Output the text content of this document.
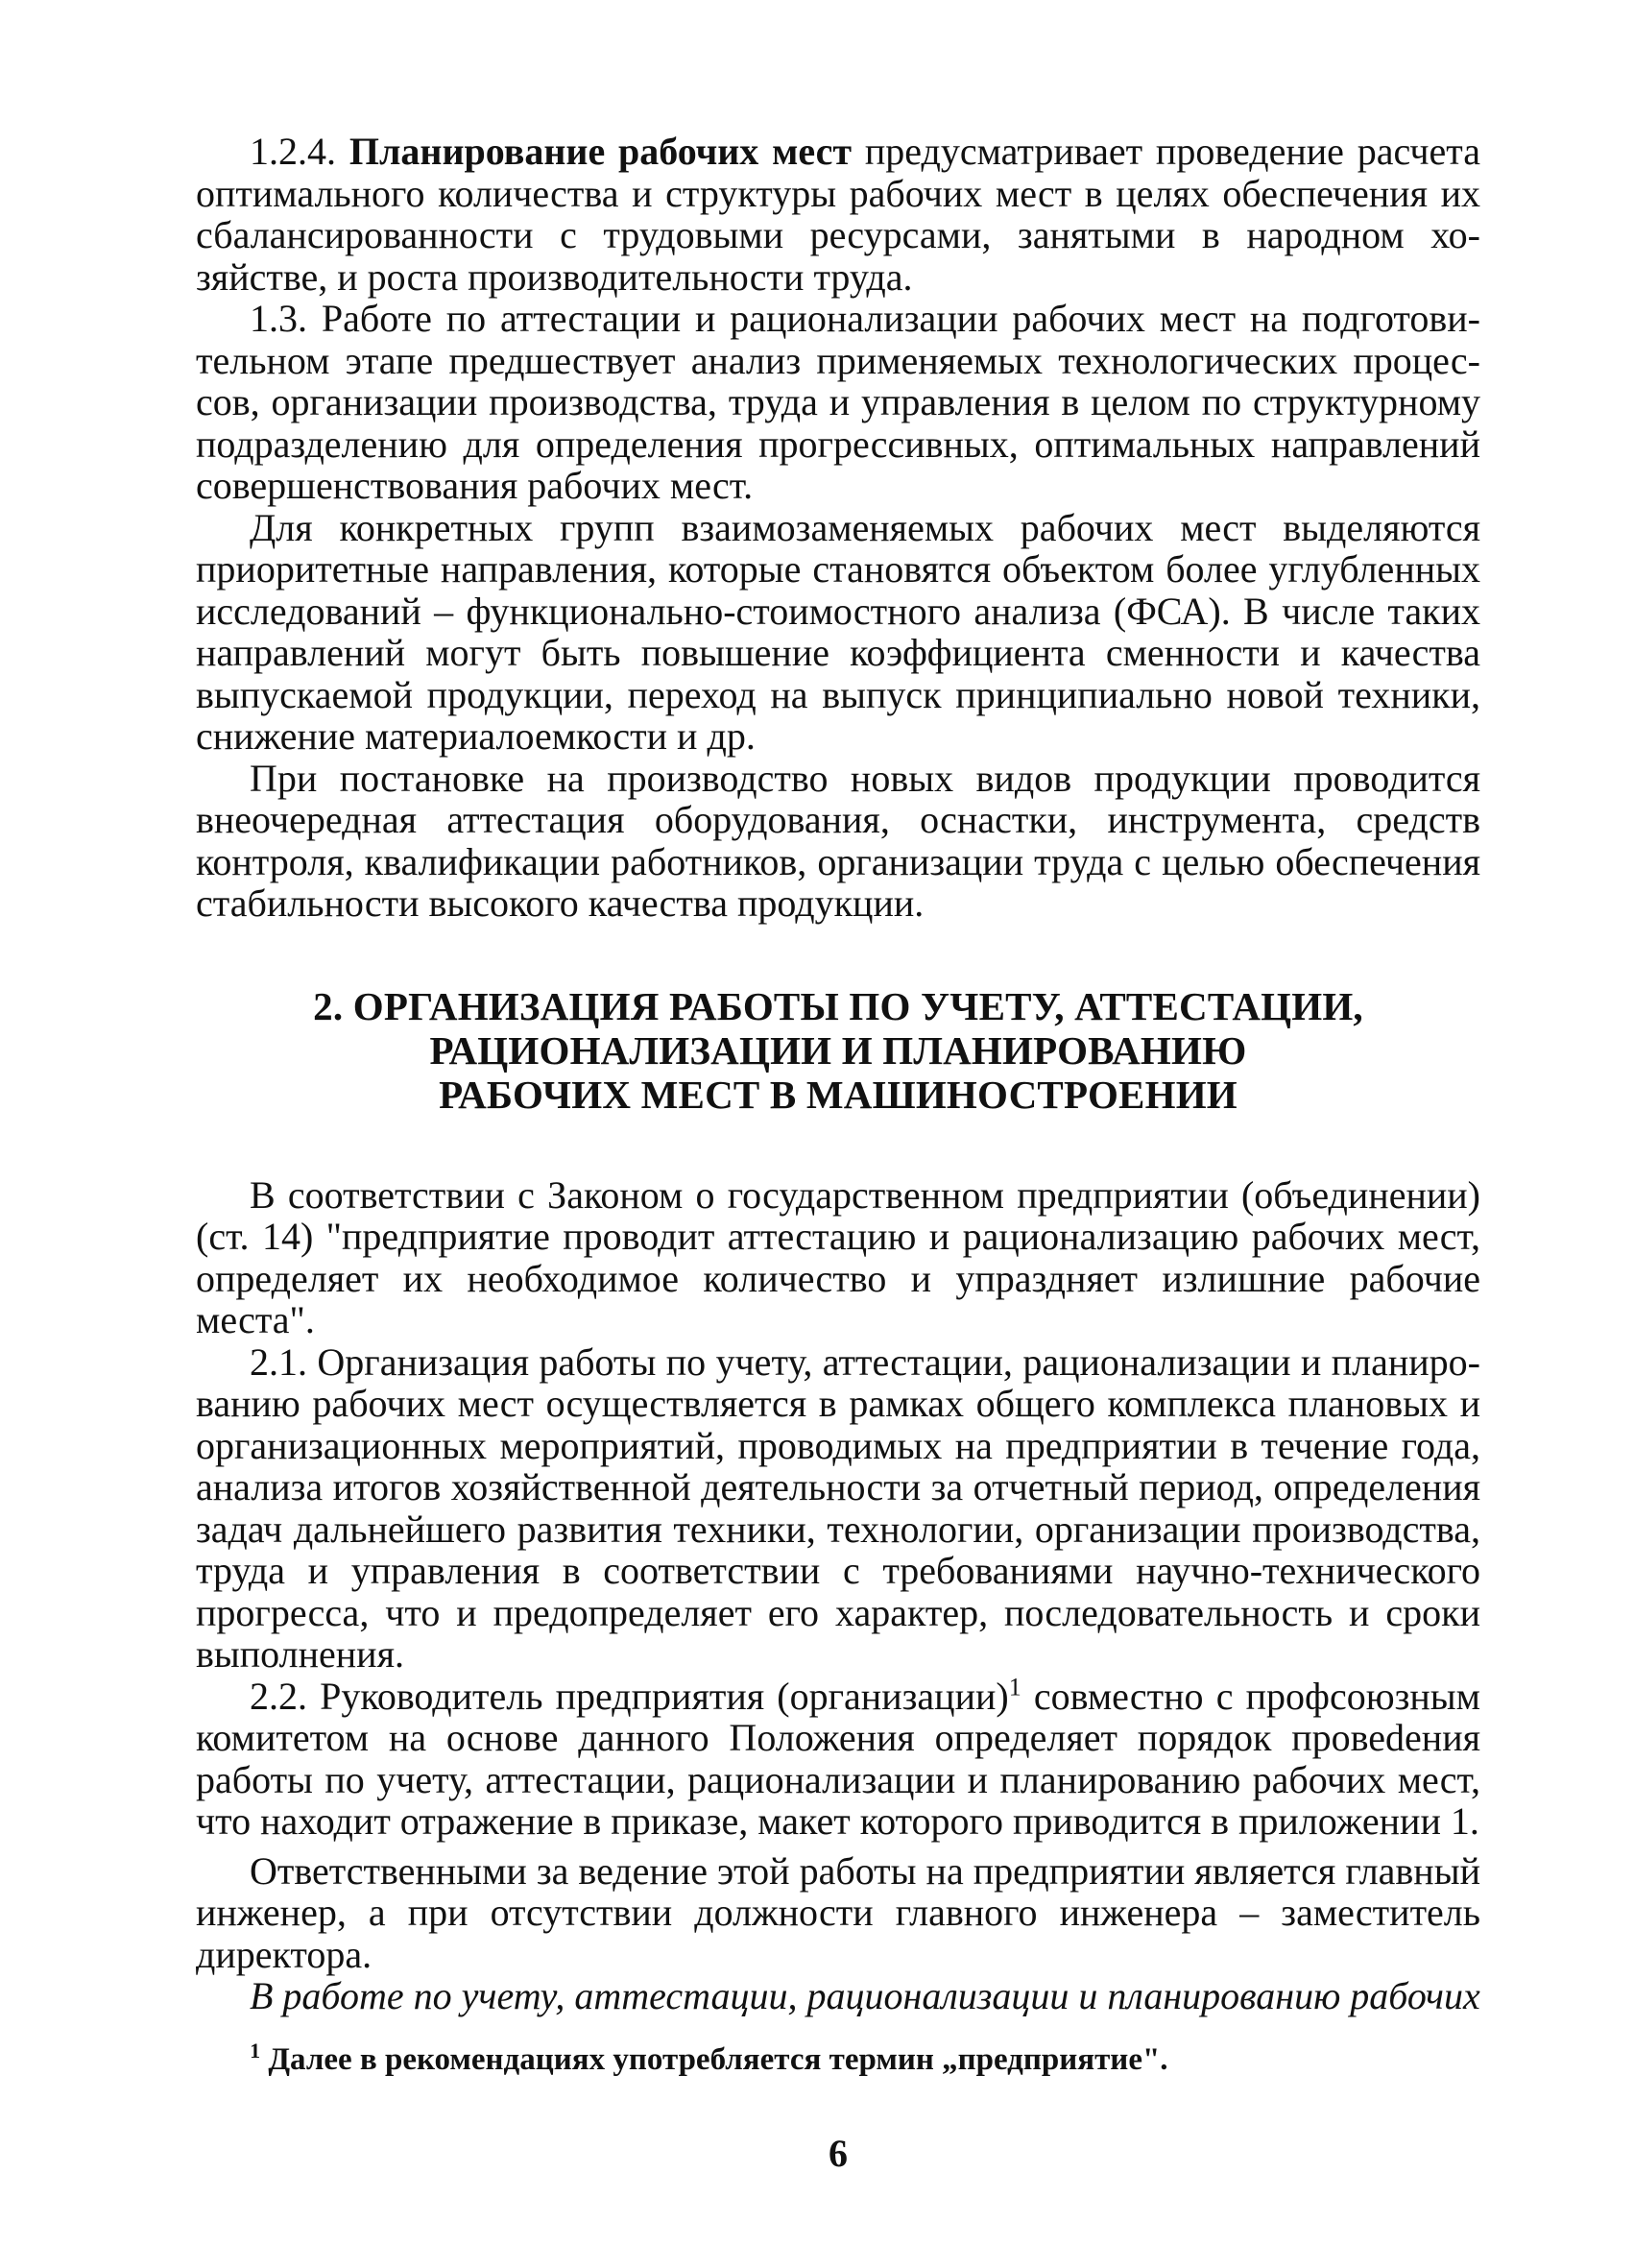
1.2.4. Планирование рабочих мест предусматривает проведение расчета оптимального количества и структуры рабочих мест в целях обеспечения их сбалансированности с трудовыми ресурсами, занятыми в народном хозяйстве, и роста производительности труда.

1.3. Работе по аттестации и рационализации рабочих мест на подготовительном этапе предшествует анализ применяемых технологических процессов, организации производства, труда и управления в целом по структурному подразделению для определения прогрессивных, оптимальных направлений совершенствования рабочих мест.

Для конкретных групп взаимозаменяемых рабочих мест выделяются приоритетные направления, которые становятся объектом более углубленных исследований – функционально-стоимостного анализа (ФСА). В числе таких направлений могут быть повышение коэффициента сменности и качества выпускаемой продукции, переход на выпуск принципиально новой техники, снижение материалоемкости и др.

При постановке на производство новых видов продукции проводится внеочередная аттестация оборудования, оснастки, инструмента, средств контроля, квалификации работников, организации труда с целью обеспечения стабильности высокого качества продукции.

2. ОРГАНИЗАЦИЯ РАБОТЫ ПО УЧЕТУ, АТТЕСТАЦИИ,
РАЦИОНАЛИЗАЦИИ И ПЛАНИРОВАНИЮ
РАБОЧИХ МЕСТ В МАШИНОСТРОЕНИИ

В соответствии с Законом о государственном предприятии (объединении) (ст. 14) "предприятие проводит аттестацию и рационализацию рабочих мест, определяет их необходимое количество и упраздняет излишние рабочие места".

2.1. Организация работы по учету, аттестации, рационализации и планированию рабочих мест осуществляется в рамках общего комплекса плановых и организационных мероприятий, проводимых на предприятии в течение года, анализа итогов хозяйственной деятельности за отчетный период, определения задач дальнейшего развития техники, технологии, организации производства, труда и управления в соответствии с требованиями научно-технического прогресса, что и предопределяет его характер, последовательность и сроки выполнения.

2.2. Руководитель предприятия (организации)$^1$ совместно с профсоюзным комитетом на основе данного Положения определяет порядок провеdения работы по учету, аттестации, рационализации и планированию рабочих мест, что находит отражение в приказе, макет которого приводится в приложении 1.

Ответственными за ведение этой работы на предприятии является главный инженер, а при отсутствии должности главного инженера – заместитель директора.

В работе по учету, аттестации, рационализации и планированию рабочих

$^1$ Далее в рекомендациях употребляется термин „предприятие".

6
